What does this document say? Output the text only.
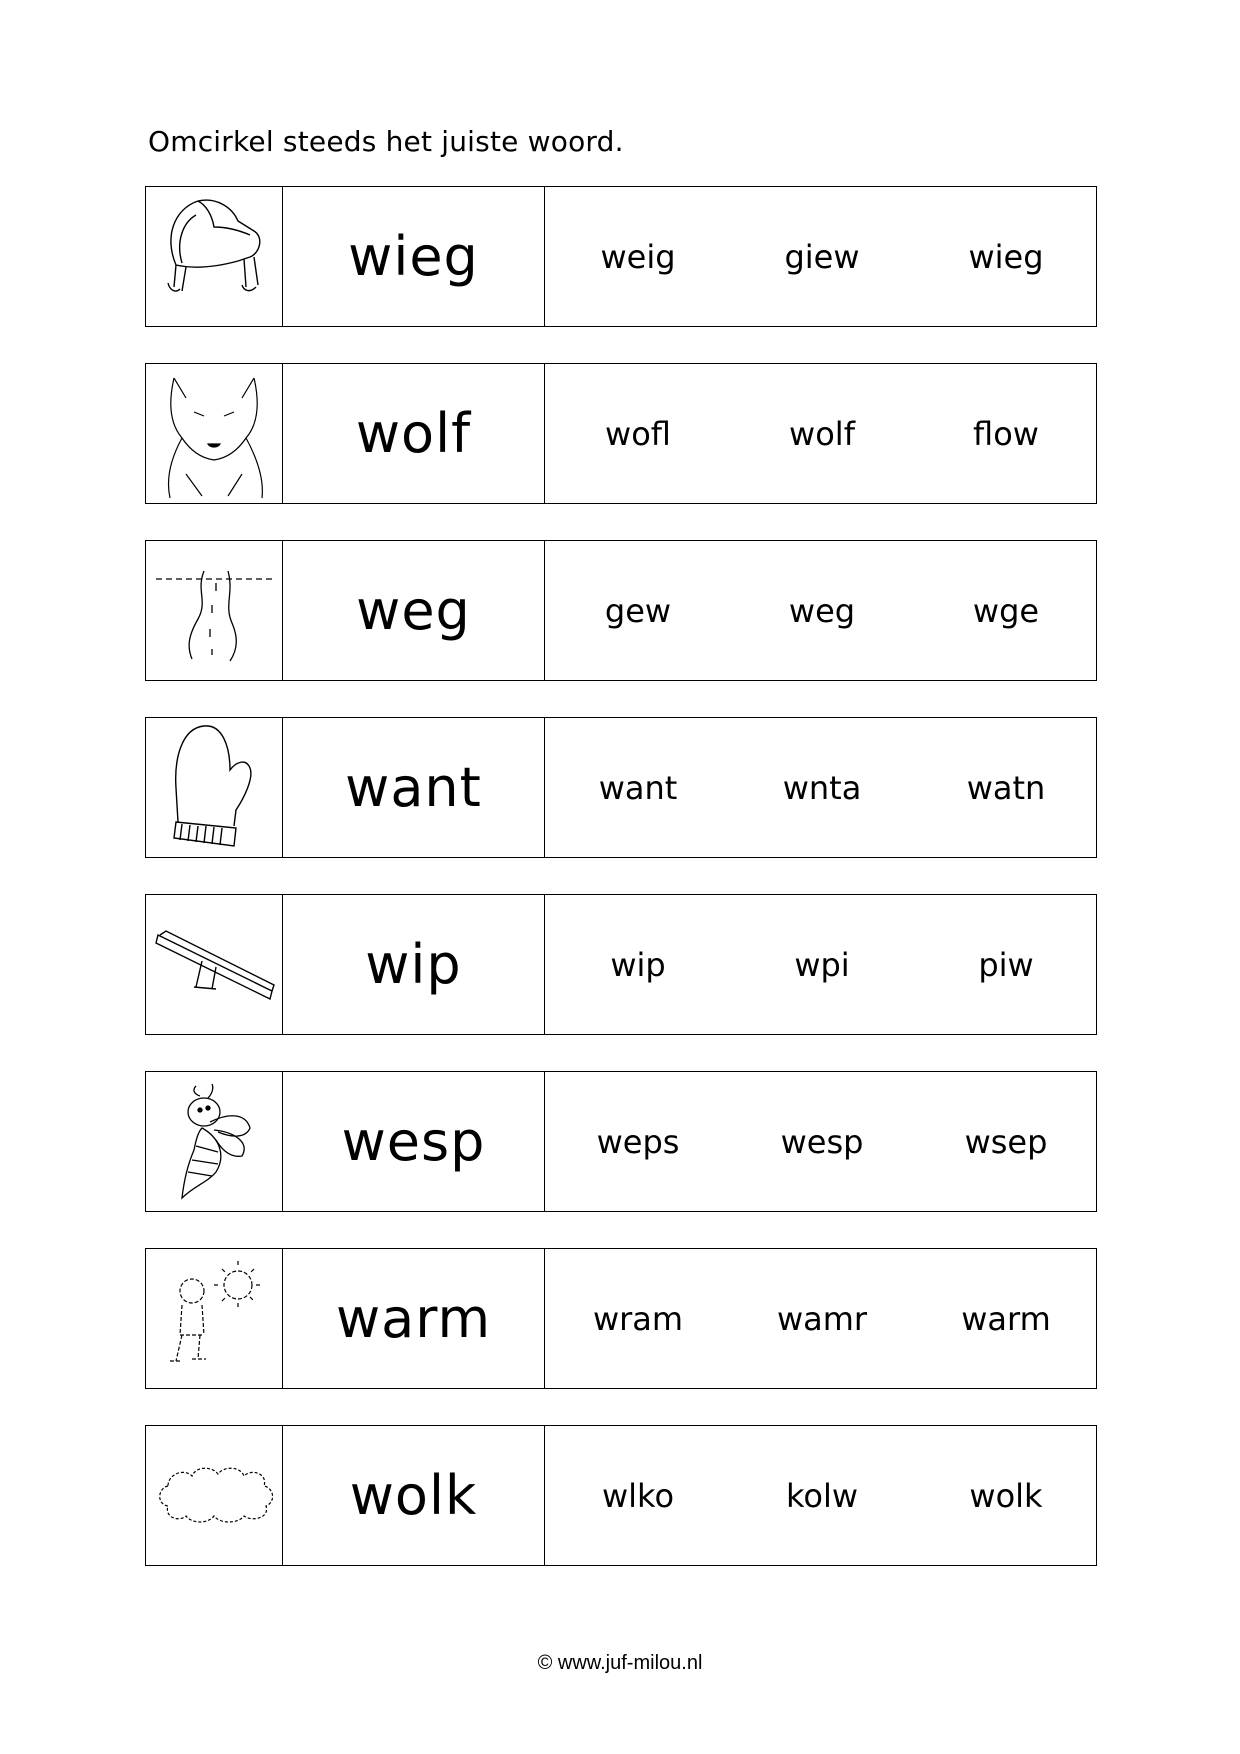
Omcirkel steeds het juiste woord.
wieg	weig	giew	wieg
wolf	wofl	wolf	flow
weg	gew	weg	wge
want	want	wnta	watn
wip	wip	wpi	piw
wesp	weps	wesp	wsep
warm	wram	wamr	warm
wolk	wlko	kolw	wolk
© www.juf-milou.nl
